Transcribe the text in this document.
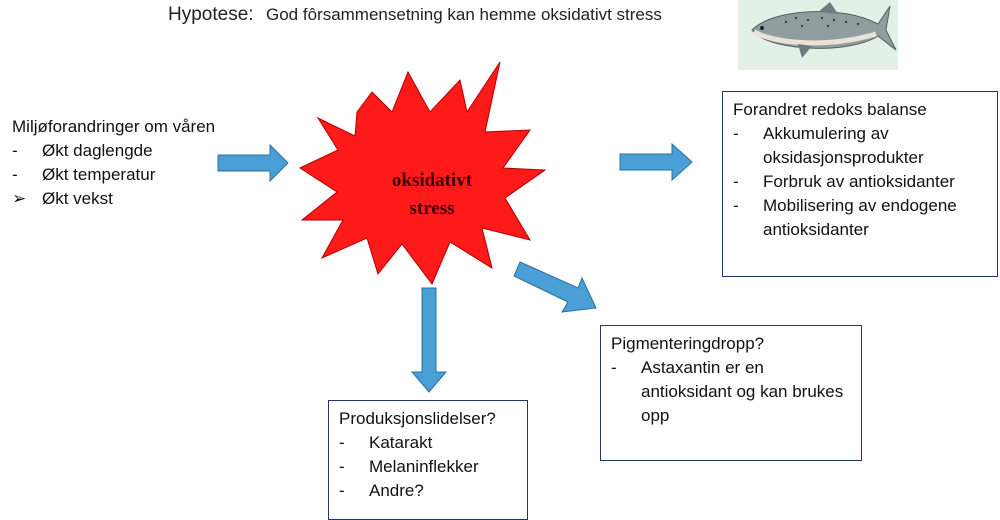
Hypotese: God fôrsammensetning kan hemme oksidativt stress
oksidativt
stress
Miljøforandringer om våren
-	Økt daglengde
-	Økt temperatur
➢ Økt vekst
Forandret redoks balanse
-	Akkumulering av oksidasjonsprodukter
-	Forbruk av antioksidanter
-	Mobilisering av endogene antioksidanter
Pigmenteringdropp?
-	Astaxantin er en antioksidant og kan brukes opp
Produksjonslidelser?
-	Katarakt
-	Melaninflekker
-	Andre?
